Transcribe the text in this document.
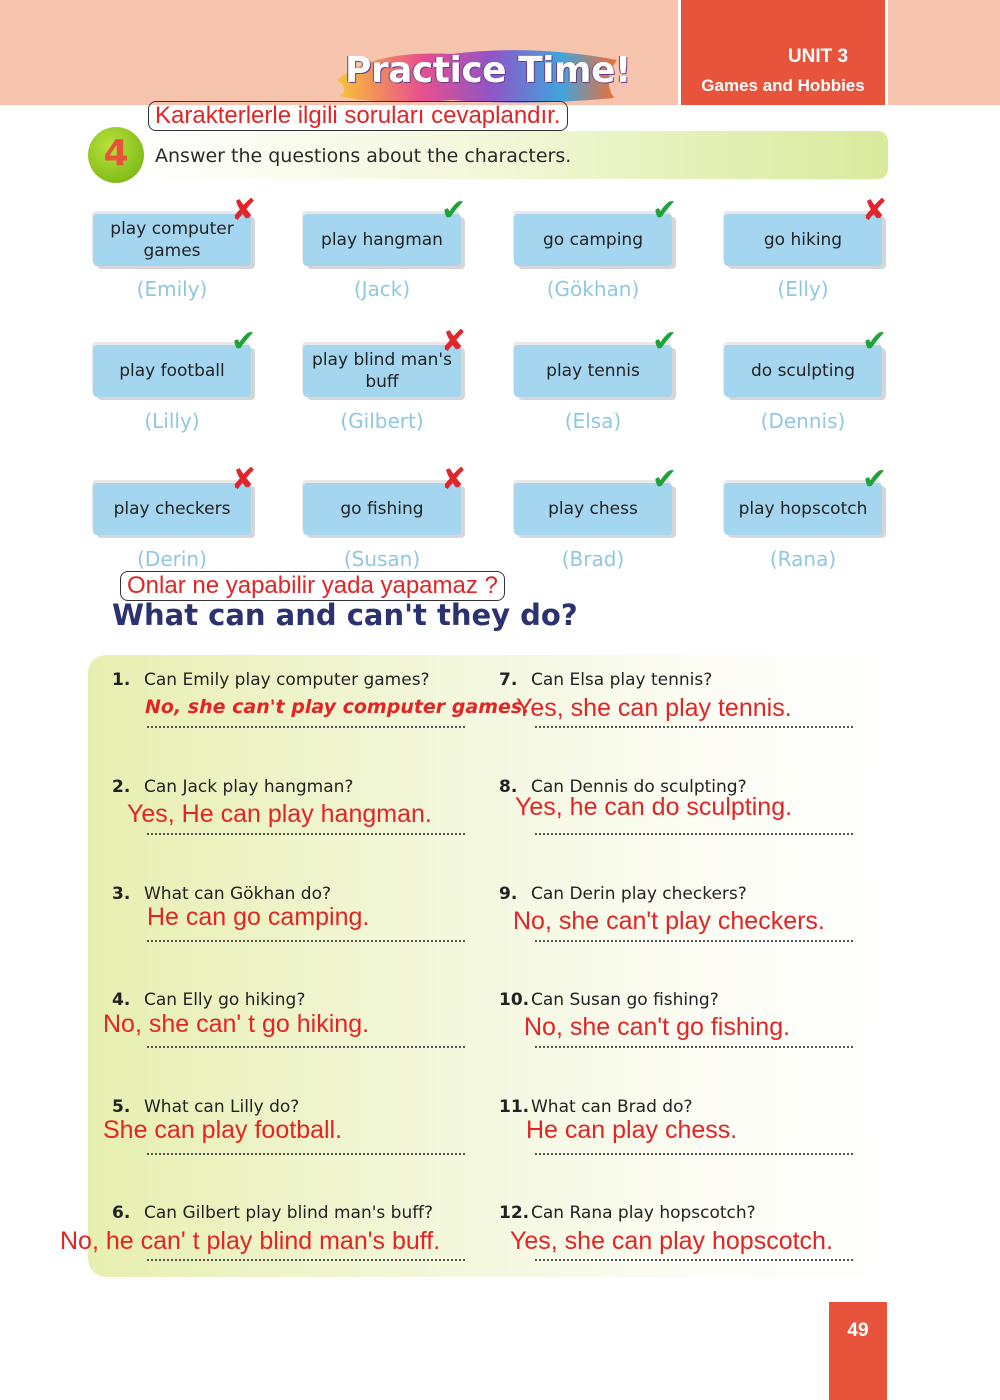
UNIT 3
Games and Hobbies
Practice Time!
Karakterlerle ilgili soruları cevaplandır.
4	Answer the questions about the characters.
play computer games
✘
(Emily)
play hangman
✔
(Jack)
go camping
✔
(Gökhan)
go hiking
✘
(Elly)
play football
✔
(Lilly)
play blind man's buff
✘
(Gilbert)
play tennis
✔
(Elsa)
do sculpting
✔
(Dennis)
play checkers
✘
(Derin)
go fishing
✘
(Susan)
play chess
✔
(Brad)
play hopscotch
✔
(Rana)
Onlar ne yapabilir yada yapamaz ?
What can and can't they do?
1. Can Emily play computer games?
No, she can't play computer games.
2. Can Jack play hangman?
Yes, He can play hangman.
3. What can Gökhan do?
He can go camping.
4. Can Elly go hiking?
No, she can' t go hiking.
5. What can Lilly do?
She can play football.
6. Can Gilbert play blind man's buff?
No, he can' t play blind man's buff.
7. Can Elsa play tennis?
Yes, she can play tennis.
8. Can Dennis do sculpting?
Yes, he can do sculpting.
9. Can Derin play checkers?
No, she can't play checkers.
10. Can Susan go fishing?
No, she can't go fishing.
11. What can Brad do?
He can play chess.
12. Can Rana play hopscotch?
Yes, she can play hopscotch.
49
